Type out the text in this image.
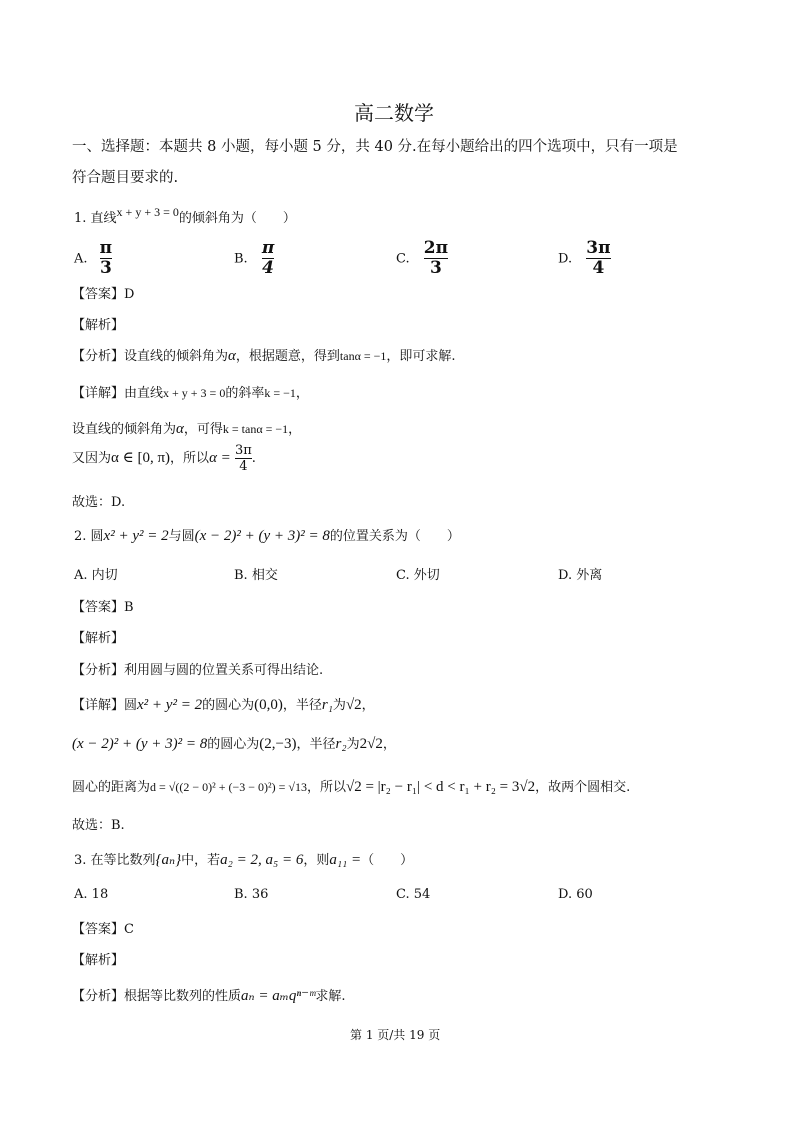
高二数学
一、选择题：本题共 8 小题，每小题 5 分，共 40 分.在每小题给出的四个选项中，只有一项是
符合题目要求的.
1. 直线x + y + 3 = 0的倾斜角为（　　）
A. $\frac{\pi}{3}$	B. $\frac{\pi}{4}$	C. $\frac{2\pi}{3}$	D. $\frac{3\pi}{4}$
【答案】D
【解析】
【分析】设直线的倾斜角为α，根据题意，得到tanα = −1，即可求解.
【详解】由直线x + y + 3 = 0的斜率k = −1，
设直线的倾斜角为α，可得k = tanα = −1，
又因为α ∈ [0, π)，所以$\alpha = \frac{3\pi}{4}$ .
故选：D.
2. 圆x² + y² = 2与圆(x − 2)² + (y + 3)² = 8的位置关系为（　　）
A. 内切	B. 相交	C. 外切	D. 外离
【答案】B
【解析】
【分析】利用圆与圆的位置关系可得出结论.
【详解】圆x² + y² = 2的圆心为(0,0)，半径r₁为√2，
(x − 2)² + (y + 3)² = 8的圆心为(2,−3)，半径r₂为2√2，
圆心的距离为d = √((2 − 0)² + (−3 − 0)²) = √13，所以√2 = |r₂ − r₁| < d < r₁ + r₂ = 3√2，故两个圆相交.
故选：B.
3. 在等比数列{aₙ}中，若a₂ = 2, a₅ = 6，则a₁₁ =（　　）
A. 18	B. 36	C. 54	D. 60
【答案】C
【解析】
【分析】根据等比数列的性质aₙ = aₘqⁿ⁻ᵐ求解.
第 1 页/共 19 页
